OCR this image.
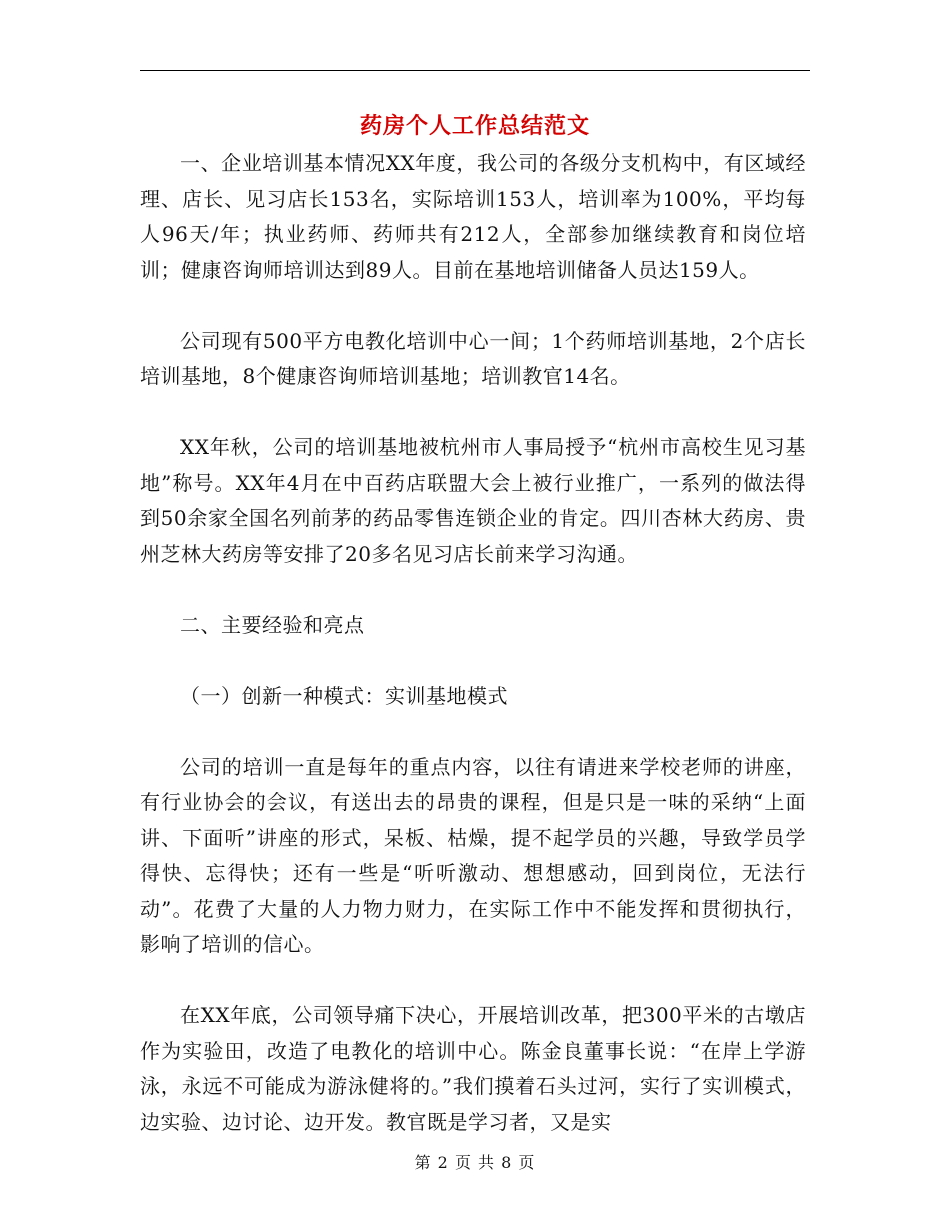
药房个人工作总结范文

一、企业培训基本情况XX年度，我公司的各级分支机构中，有区域经理、店长、见习店长153名，实际培训153人，培训率为100%，平均每人96天/年；执业药师、药师共有212人，全部参加继续教育和岗位培训；健康咨询师培训达到89人。目前在基地培训储备人员达159人。

公司现有500平方电教化培训中心一间；1个药师培训基地，2个店长培训基地，8个健康咨询师培训基地；培训教官14名。

XX年秋，公司的培训基地被杭州市人事局授予“杭州市高校生见习基地”称号。XX年4月在中百药店联盟大会上被行业推广，一系列的做法得到50余家全国名列前茅的药品零售连锁企业的肯定。四川杏林大药房、贵州芝林大药房等安排了20多名见习店长前来学习沟通。

二、主要经验和亮点

（一）创新一种模式：实训基地模式

公司的培训一直是每年的重点内容，以往有请进来学校老师的讲座，有行业协会的会议，有送出去的昂贵的课程，但是只是一味的采纳“上面讲、下面听”讲座的形式，呆板、枯燥，提不起学员的兴趣，导致学员学得快、忘得快；还有一些是“听听激动、想想感动，回到岗位，无法行动”。花费了大量的人力物力财力，在实际工作中不能发挥和贯彻执行，影响了培训的信心。

在XX年底，公司领导痛下决心，开展培训改革，把300平米的古墩店作为实验田，改造了电教化的培训中心。陈金良董事长说：“在岸上学游泳，永远不可能成为游泳健将的。”我们摸着石头过河，实行了实训模式，边实验、边讨论、边开发。教官既是学习者，又是实

第 2 页 共 8 页
